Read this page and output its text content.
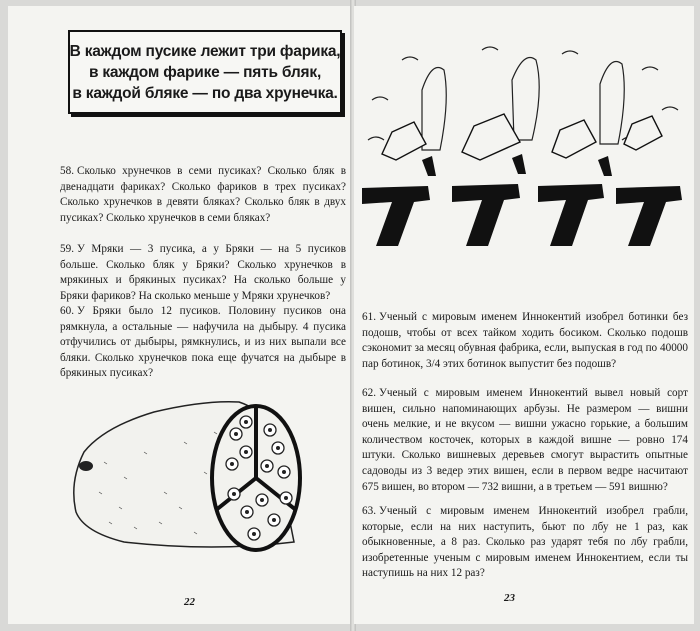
В каждом пусике лежит три фарика,
в каждом фарике — пять бляк,
в каждой бляке — по два хрунечка.
58. Сколько хрунечков в семи пусиках? Сколько бляк в двенадцати фариках? Сколько фариков в трех пусиках? Сколько хрунечков в девяти бляках? Сколько бляк в двух пусиках? Сколько хрунечков в семи бляках?
59. У Мряки — 3 пусика, а у Бряки — на 5 пусиков больше. Сколько бляк у Бряки? Сколько хрунечков в мрякиных и брякиных пусиках? На сколько больше у Бряки фариков? На сколько меньше у Мряки хрунечков?
60. У Бряки было 12 пусиков. Половину пусиков она рямкнула, а остальные — нафучила на дыбыру. 4 пусика отфучились от дыбыры, рямкнулись, и из них выпали все бляки. Сколько хрунечков пока еще фучатся на дыбыре в брякиных пусиках?
22
61. Ученый с мировым именем Иннокентий изобрел ботинки без подошв, чтобы от всех тайком ходить босиком. Сколько подошв сэкономит за месяц обувная фабрика, если, выпуская в год по 40000 пар ботинок, 3/4 этих ботинок выпустит без подошв?
62. Ученый с мировым именем Иннокентий вывел новый сорт вишен, сильно напоминающих арбузы. Не размером — вишни очень мелкие, и не вкусом — вишни ужасно горькие, а большим количеством косточек, которых в каждой вишне — ровно 174 штуки. Сколько вишневых деревьев смогут вырастить опытные садоводы из 3 ведер этих вишен, если в первом ведре насчитают 675 вишен, во втором — 732 вишни, а в третьем — 591 вишню?
63. Ученый с мировым именем Иннокентий изобрел грабли, которые, если на них наступить, бьют по лбу не 1 раз, как обыкновенные, а 8 раз. Сколько раз ударят тебя по лбу грабли, изобретенные ученым с мировым именем Иннокентием, если ты наступишь на них 12 раз?
23
